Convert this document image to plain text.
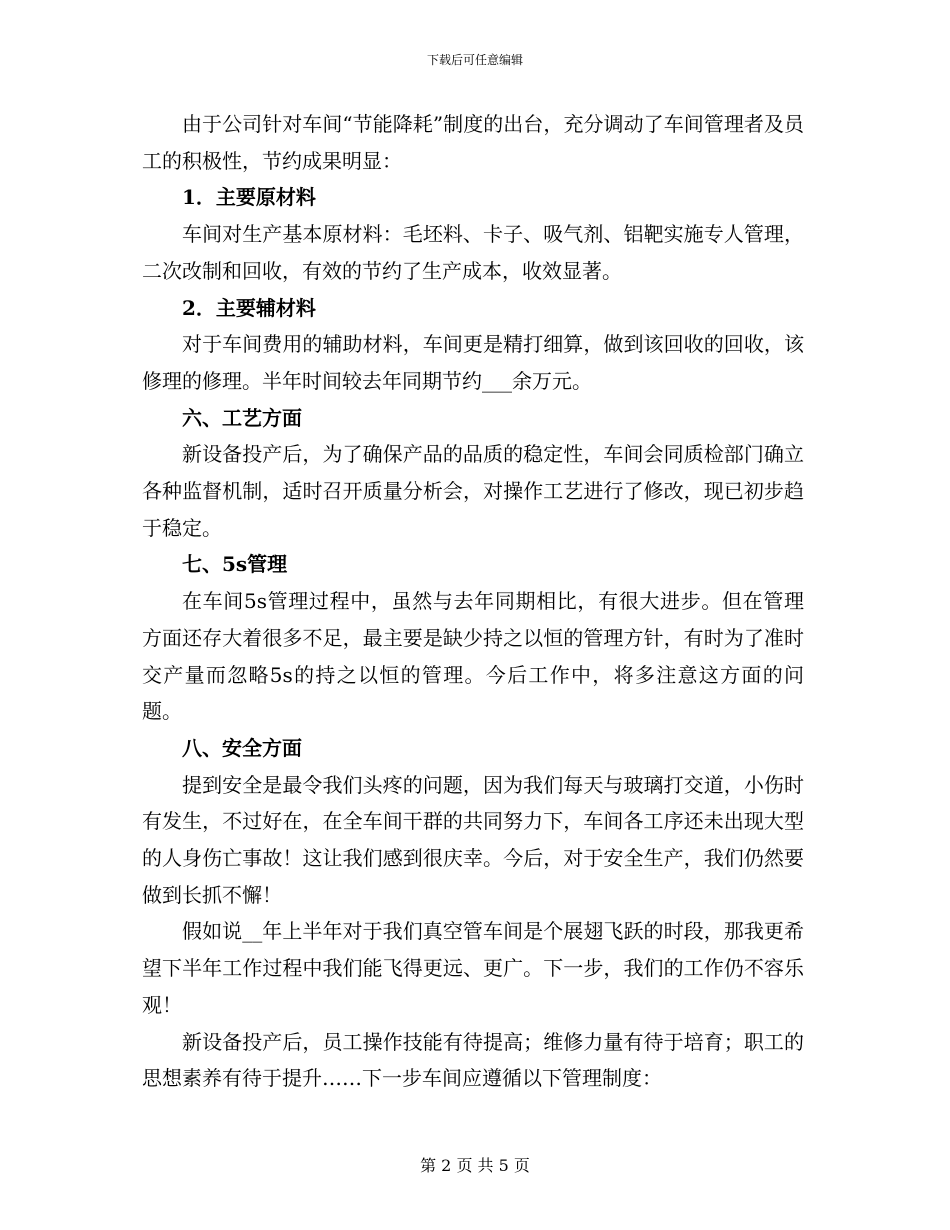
下载后可任意编辑

由于公司针对车间“节能降耗”制度的出台，充分调动了车间管理者及员工的积极性，节约成果明显：

1．主要原材料

车间对生产基本原材料：毛坯料、卡子、吸气剂、铝靶实施专人管理，二次改制和回收，有效的节约了生产成本，收效显著。

2．主要辅材料

对于车间费用的辅助材料，车间更是精打细算，做到该回收的回收，该修理的修理。半年时间较去年同期节约___余万元。

六、工艺方面

新设备投产后，为了确保产品的品质的稳定性，车间会同质检部门确立各种监督机制，适时召开质量分析会，对操作工艺进行了修改，现已初步趋于稳定。

七、5s管理

在车间5s管理过程中，虽然与去年同期相比，有很大进步。但在管理方面还存大着很多不足，最主要是缺少持之以恒的管理方针，有时为了准时交产量而忽略5s的持之以恒的管理。今后工作中，将多注意这方面的问题。

八、安全方面

提到安全是最令我们头疼的问题，因为我们每天与玻璃打交道，小伤时有发生，不过好在，在全车间干群的共同努力下，车间各工序还未出现大型的人身伤亡事故！这让我们感到很庆幸。今后，对于安全生产，我们仍然要做到长抓不懈！

假如说__年上半年对于我们真空管车间是个展翅飞跃的时段，那我更希望下半年工作过程中我们能飞得更远、更广。下一步，我们的工作仍不容乐观！

新设备投产后，员工操作技能有待提高；维修力量有待于培育；职工的思想素养有待于提升……下一步车间应遵循以下管理制度：

第 2 页 共 5 页
